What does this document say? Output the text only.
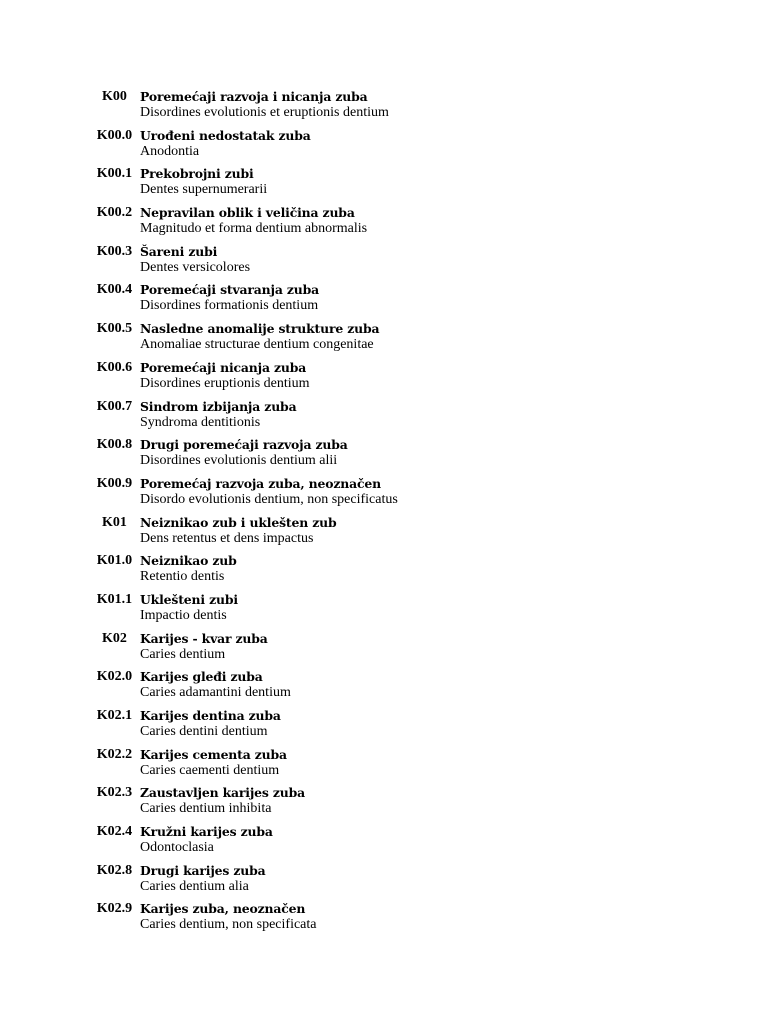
K00	Poremećaji razvoja i nicanja zuba
Disordines evolutionis et eruptionis dentium
K00.0 Urođeni nedostatak zuba
Anodontia
K00.1 Prekobrojni zubi
Dentes supernumerarii
K00.2 Nepravilan oblik i veličina zuba
Magnitudo et forma dentium abnormalis
K00.3 Šareni zubi
Dentes versicolores
K00.4 Poremećaji stvaranja zuba
Disordines formationis dentium
K00.5 Nasledne anomalije strukture zuba
Anomaliae structurae dentium congenitae
K00.6 Poremećaji nicanja zuba
Disordines eruptionis dentium
K00.7 Sindrom izbijanja zuba
Syndroma dentitionis
K00.8 Drugi poremećaji razvoja zuba
Disordines evolutionis dentium alii
K00.9 Poremećaj razvoja zuba, neoznačen
Disordo evolutionis dentium, non specificatus
K01	Neiznikao zub i uklešten zub
Dens retentus et dens impactus
K01.0 Neiznikao zub
Retentio dentis
K01.1 Uklešteni zubi
Impactio dentis
K02	Karijes - kvar zuba
Caries dentium
K02.0 Karijes gleđi zuba
Caries adamantini dentium
K02.1 Karijes dentina zuba
Caries dentini dentium
K02.2 Karijes cementa zuba
Caries caementi dentium
K02.3 Zaustavljen karijes zuba
Caries dentium inhibita
K02.4 Kružni karijes zuba
Odontoclasia
K02.8 Drugi karijes zuba
Caries dentium alia
K02.9 Karijes zuba, neoznačen
Caries dentium, non specificata
